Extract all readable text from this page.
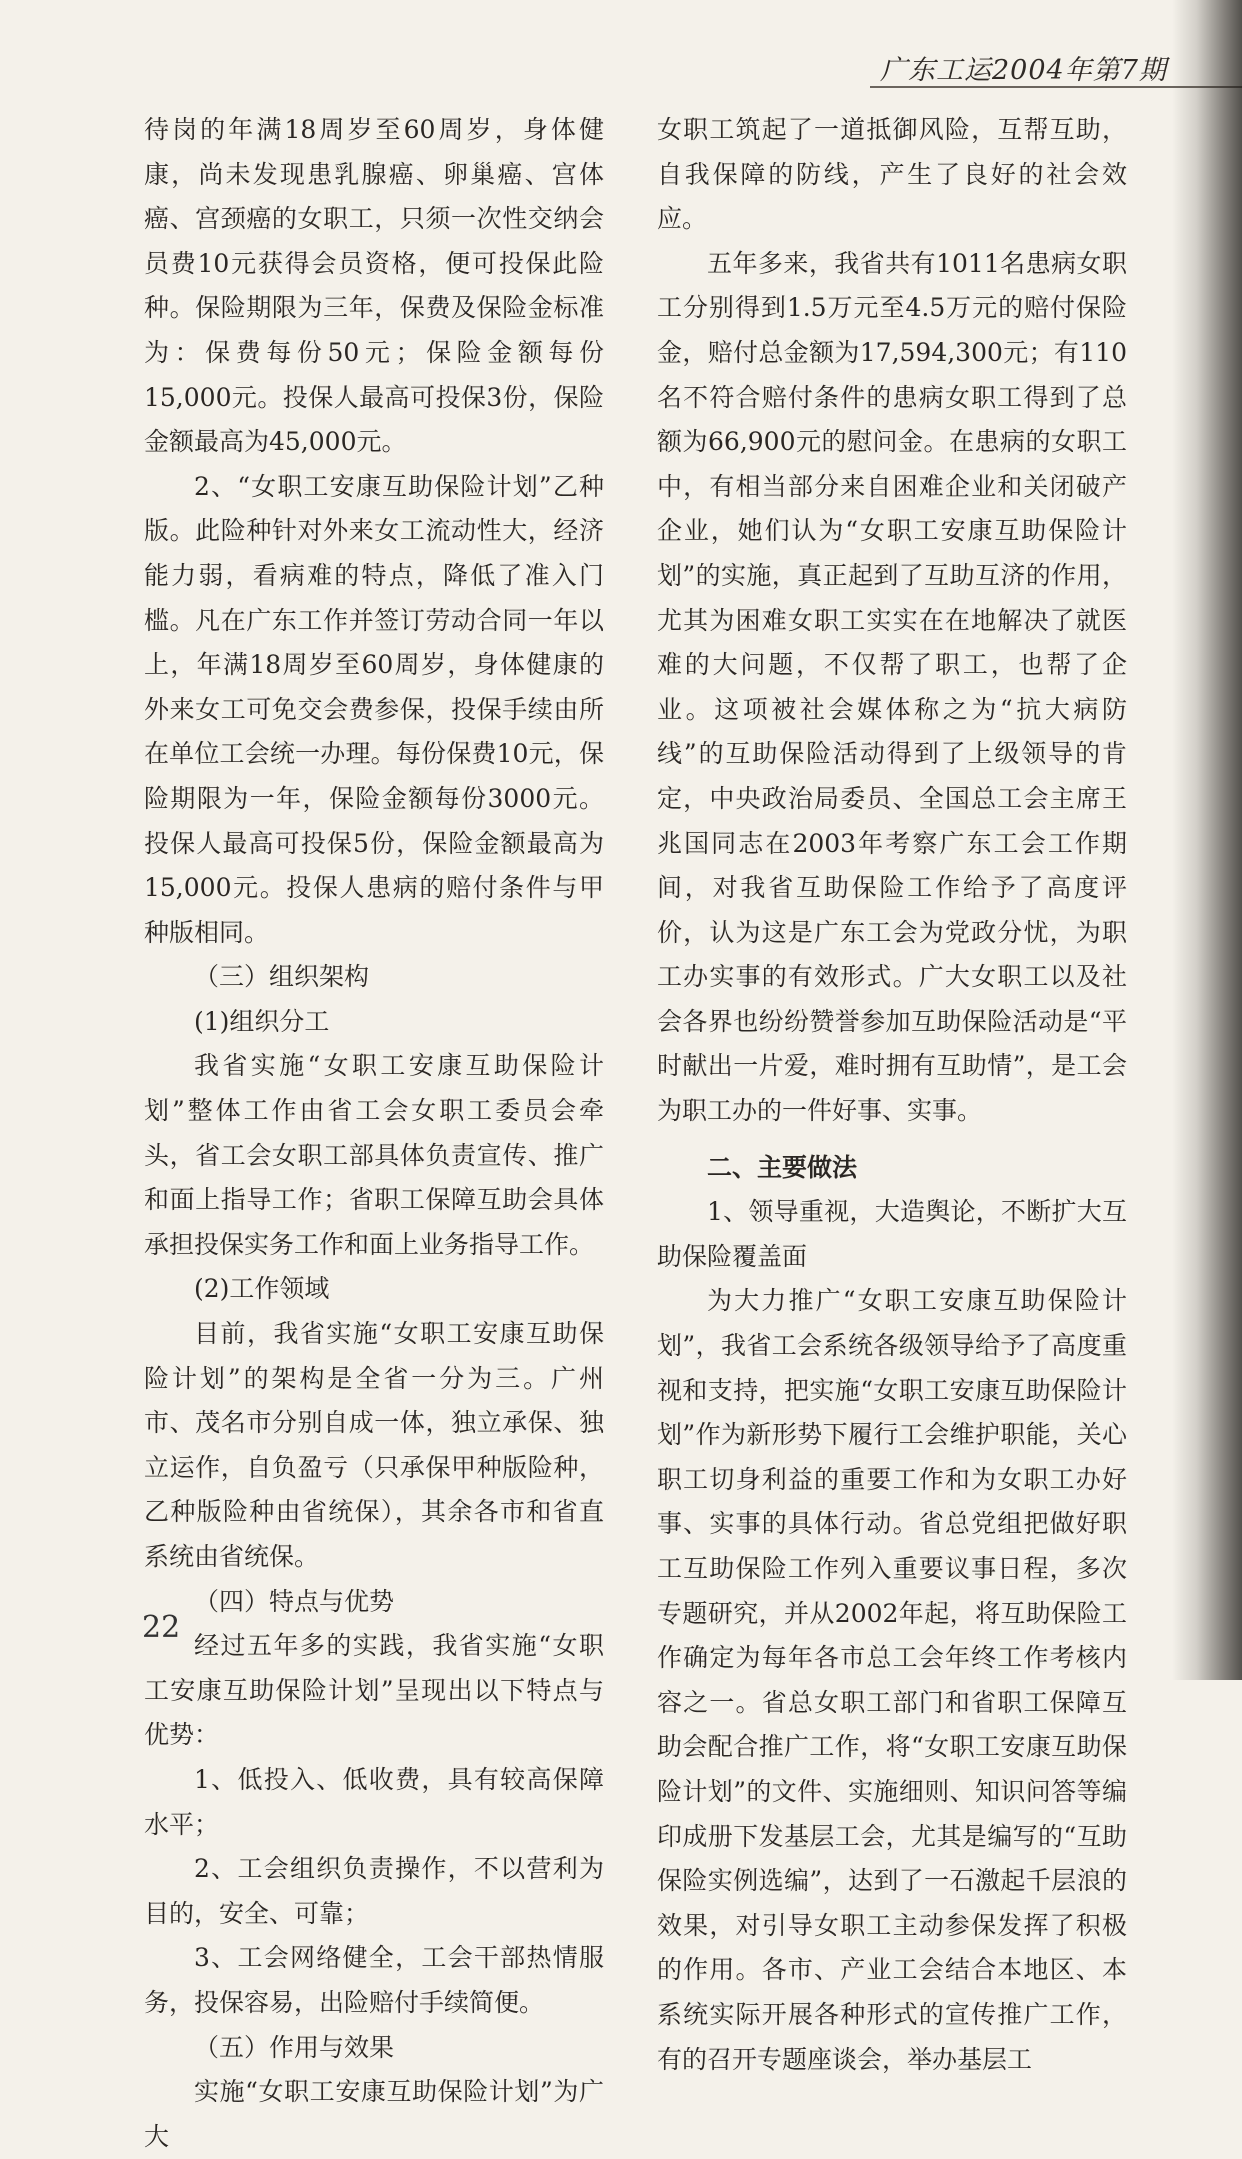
广东工运2004年第7期

待岗的年满18周岁至60周岁，身体健康，尚未发现患乳腺癌、卵巢癌、宫体癌、宫颈癌的女职工，只须一次性交纳会员费10元获得会员资格，便可投保此险种。保险期限为三年，保费及保险金标准为：保费每份50元；保险金额每份15,000元。投保人最高可投保3份，保险金额最高为45,000元。

2、“女职工安康互助保险计划”乙种版。此险种针对外来女工流动性大，经济能力弱，看病难的特点，降低了准入门槛。凡在广东工作并签订劳动合同一年以上，年满18周岁至60周岁，身体健康的外来女工可免交会费参保，投保手续由所在单位工会统一办理。每份保费10元，保险期限为一年，保险金额每份3000元。投保人最高可投保5份，保险金额最高为15,000元。投保人患病的赔付条件与甲种版相同。

（三）组织架构

(1)组织分工

我省实施“女职工安康互助保险计划”整体工作由省工会女职工委员会牵头，省工会女职工部具体负责宣传、推广和面上指导工作；省职工保障互助会具体承担投保实务工作和面上业务指导工作。

(2)工作领域

目前，我省实施“女职工安康互助保险计划”的架构是全省一分为三。广州市、茂名市分别自成一体，独立承保、独立运作，自负盈亏（只承保甲种版险种，乙种版险种由省统保），其余各市和省直系统由省统保。

（四）特点与优势

经过五年多的实践，我省实施“女职工安康互助保险计划”呈现出以下特点与优势：

1、低投入、低收费，具有较高保障水平；

2、工会组织负责操作，不以营利为目的，安全、可靠；

3、工会网络健全，工会干部热情服务，投保容易，出险赔付手续简便。

（五）作用与效果

实施“女职工安康互助保险计划”为广大

女职工筑起了一道抵御风险，互帮互助，自我保障的防线，产生了良好的社会效应。

五年多来，我省共有1011名患病女职工分别得到1.5万元至4.5万元的赔付保险金，赔付总金额为17,594,300元；有110名不符合赔付条件的患病女职工得到了总额为66,900元的慰问金。在患病的女职工中，有相当部分来自困难企业和关闭破产企业，她们认为“女职工安康互助保险计划”的实施，真正起到了互助互济的作用，尤其为困难女职工实实在在地解决了就医难的大问题，不仅帮了职工，也帮了企业。这项被社会媒体称之为“抗大病防线”的互助保险活动得到了上级领导的肯定，中央政治局委员、全国总工会主席王兆国同志在2003年考察广东工会工作期间，对我省互助保险工作给予了高度评价，认为这是广东工会为党政分忧，为职工办实事的有效形式。广大女职工以及社会各界也纷纷赞誉参加互助保险活动是“平时献出一片爱，难时拥有互助情”，是工会为职工办的一件好事、实事。

二、主要做法

1、领导重视，大造舆论，不断扩大互助保险覆盖面

为大力推广“女职工安康互助保险计划”，我省工会系统各级领导给予了高度重视和支持，把实施“女职工安康互助保险计划”作为新形势下履行工会维护职能，关心职工切身利益的重要工作和为女职工办好事、实事的具体行动。省总党组把做好职工互助保险工作列入重要议事日程，多次专题研究，并从2002年起，将互助保险工作确定为每年各市总工会年终工作考核内容之一。省总女职工部门和省职工保障互助会配合推广工作，将“女职工安康互助保险计划”的文件、实施细则、知识问答等编印成册下发基层工会，尤其是编写的“互助保险实例选编”，达到了一石激起千层浪的效果，对引导女职工主动参保发挥了积极的作用。各市、产业工会结合本地区、本系统实际开展各种形式的宣传推广工作，有的召开专题座谈会，举办基层工

22
